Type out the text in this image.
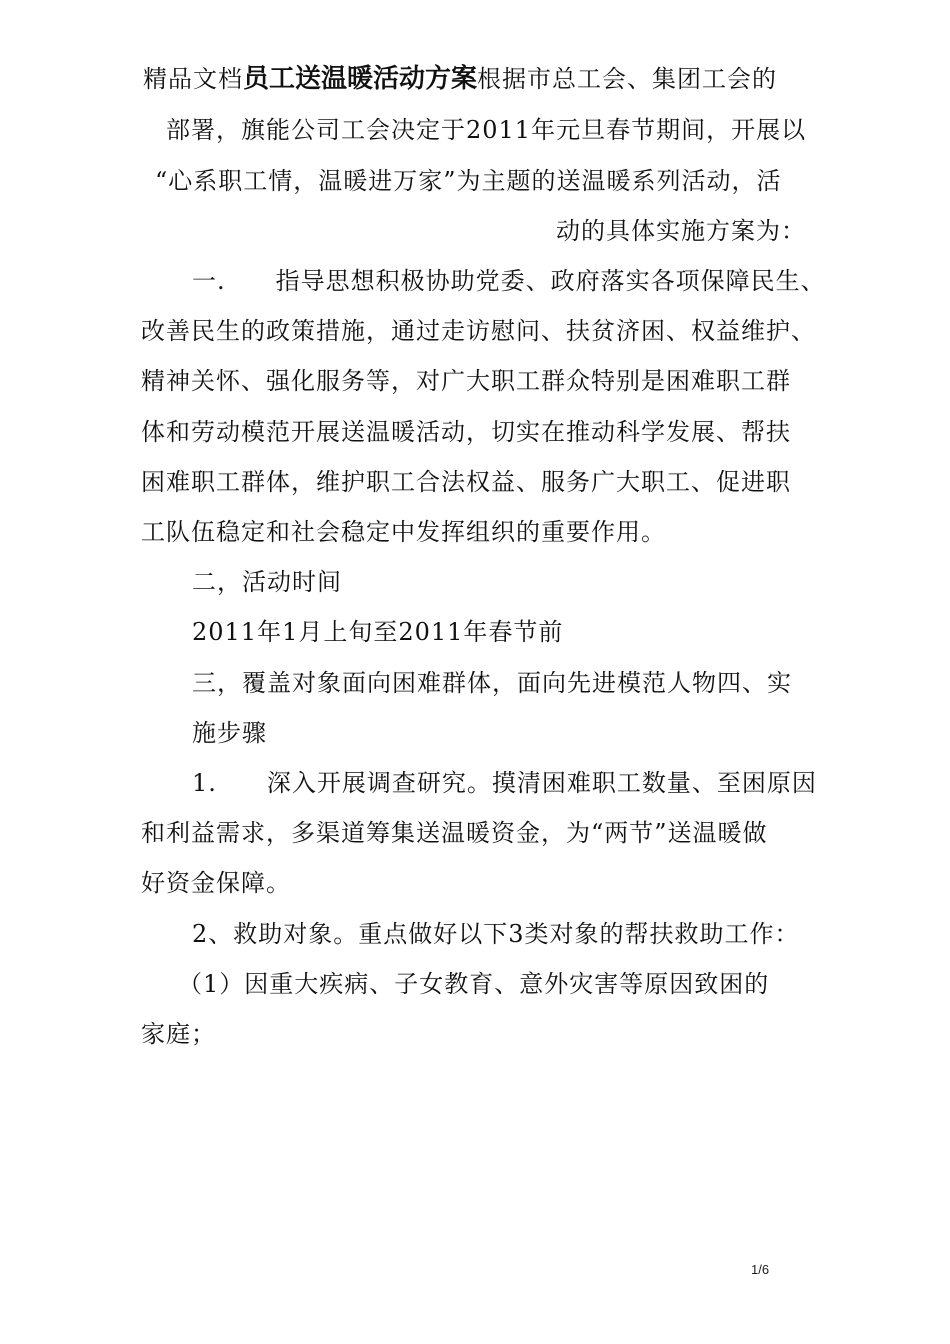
精品文档员工送温暖活动方案根据市总工会、集团工会的
部署，旗能公司工会决定于2011年元旦春节期间，开展以
“心系职工情，温暖进万家”为主题的送温暖系列活动，活
动的具体实施方案为：
一.　　指导思想积极协助党委、政府落实各项保障民生、
改善民生的政策措施，通过走访慰问、扶贫济困、权益维护、
精神关怀、强化服务等，对广大职工群众特别是困难职工群
体和劳动模范开展送温暖活动，切实在推动科学发展、帮扶
困难职工群体，维护职工合法权益、服务广大职工、促进职
工队伍稳定和社会稳定中发挥组织的重要作用。
二，活动时间
2011年1月上旬至2011年春节前
三，覆盖对象面向困难群体，面向先进模范人物四、实
施步骤
1.　　深入开展调查研究。摸清困难职工数量、至困原因
和利益需求，多渠道筹集送温暖资金，为“两节”送温暖做
好资金保障。
2、救助对象。重点做好以下3类对象的帮扶救助工作：
（1）因重大疾病、子女教育、意外灾害等原因致困的
家庭；
1/6
